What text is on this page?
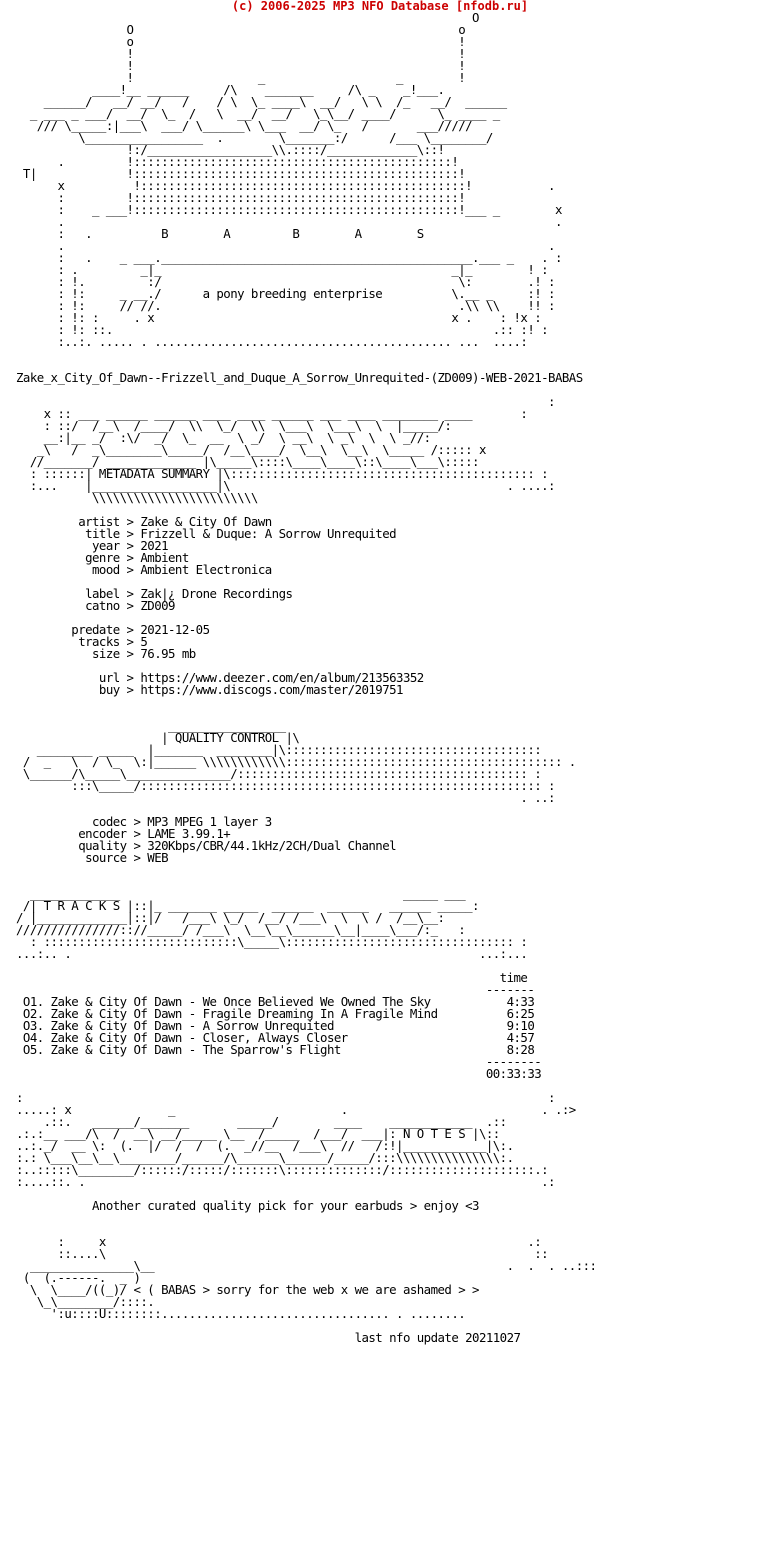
(c) 2006-2025 MP3 NFO Database [nfodb.ru]
O
O                                               o
o                                               !
!                                               !
!                                               !
!                  _                   _        !
____!__ ______     /\    _______     /\ _    _!___.
______/   __/ __/   /    / \  \_ ____\  __/   \ \  /_   __/  ______
_ ___ _ ___/  __/  \_  /   \  __/  __/   \_\__/ ____/      \_ ____ _
/// \_____:|___\  ___/ \______\ \___  __/ \_   /       ___/////
\_________________  .        \_______:/      /___ \________/
!:/__________________\\.::::/_____________\::!
.         !::::::::::::::::::::::::::::::::::::::::::::::!
T|             !:::::::::::::::::::::::::::::::::::::::::::::::!
x          !:::::::::::::::::::::::::::::::::::::::::::::::!           .
:         !:::::::::::::::::::::::::::::::::::::::::::::::!
:    _ ___!:::::::::::::::::::::::::::::::::::::::::::::::!___ _        x
.                                                                       .
:   .          B        A         B        A        S
.                                                                      .
:   .    _ ___._____________________________________________.___ _    . :
: .         _|_                                          _|_        ! :
: !.         :/                                           \:        .! :
: !:     _ __./      a pony breeding enterprise          \.__ _     :! :
: !:     // //.                                           .\\ \\    !! :
: !: :     . x                                           x .    : !x :
: !: ::.                                                       .:: :! :
:..:. ..... . ........................................... ...  ....:

Zake_x_City_Of_Dawn--Frizzell_and_Duque_A_Sorrow_Unrequited-(ZD009)-WEB-2021-BABAS

:
x :: ___ ______ ______ ____ ____ ______ ___ ____ ________ ____       :
: ::/  /__\  /____/  \\  \_/  \\  \___\  \___\  \  |_____/:
__:|__ _/  :\/  _/  \_  __  \ _/  \ __\  \ _\  \  \ _//:
_\   /  _\________\_____/  /__\____/  \__\  \__\  \_____ /::::: x
//_______/ _____________ |\_____\::::\____\____\::\____\___\:::::
: ::::::| METADATA SUMMARY |\:::::::::::::::::::::::::::::::::::::::::::: :
:...    |__________________|\                                        . ....:
\\\\\\\\\\\\\\\\\\\\\\\\

artist > Zake & City Of Dawn
title > Frizzell & Duque: A Sorrow Unrequited
year > 2021
genre > Ambient
mood > Ambient Electronica

label > Zak|¿ Drone Recordings
catno > ZD009

predate > 2021-12-05
tracks > 5
size > 76.95 mb

url > https://www.deezer.com/en/album/213563352
buy > https://www.discogs.com/master/2019751

_________________
| QUALITY CONTROL |\
________ _____  |_______  ________|\:::::::::::::::::::::::::::::::::::::
/  _   \  / \_  \:|______ \\\\\\\\\\\\:::::::::::::::::::::::::::::::::::::::: .
\______/\_____\_______________/:::::::::::::::::::::::::::::::::::::::::: :
:::\_____/:::::::::::::::::::::::::::::::::::::::::::::::::::::::::: :
. ..:

codec > MP3 MPEG 1 layer 3
encoder > LAME 3.99.1+
quality > 320Kbps/CBR/44.1kHz/2CH/Dual Channel
source > WEB

_____________                                         _____ ___
/| T R A C K S |::|_ _______ _____  ______  ______   ______ _____:
/ |_____________|::|/   /___\ \_/  /__/ /___\  \  \ /  /__\__:
///////////////:://_____/ /___\  \__\__\______\__|____\___/:_   :
: ::::::::::::::::::::::::::::\_____\::::::::::::::::::::::::::::::::: :
...:.. .                                                           ...:...

time
-------
O1. Zake & City Of Dawn - We Once Believed We Owned The Sky           4:33
O2. Zake & City Of Dawn - Fragile Dreaming In A Fragile Mind          6:25
O3. Zake & City Of Dawn - A Sorrow Unrequited                         9:10
O4. Zake & City Of Dawn - Closer, Always Closer                       4:57
O5. Zake & City Of Dawn - The Sparrow's Flight                        8:28
--------
00:33:33

:                                                                            :
.....: x              _                        .                            . .:>
.::.   ______/_______       _____/        ____    ____________  .::
.:.:__ ___/\  /  __\ __/_____ \__  /_____  /___/  ___|: N O T E S |\::
..:._/  __ \:  (.  |/  /  /  (.  _//__  /___\  //   /:!|____________|\:.
:.: \___\__\__\________/______/\______\______/_____/:::\\\\\\\\\\\\\\\:.
:..:::::\________/::::::/:::::/:::::::\::::::::::::::/:::::::::::::::::::::.:
:....::. .                                                                  .:

Another curated quality pick for your earbuds > enjoy <3

:     x                                                             .:
::....\                                                              ::
_______________\__                                                   .  .  . ..:::
(  (.------.  _ )
\  \____/((_)/ < ( BABAS > sorry for the web x we are ashamed > >
\_\________/::::.
':u::::U::::::::................................. . ........

last nfo update 20211027
